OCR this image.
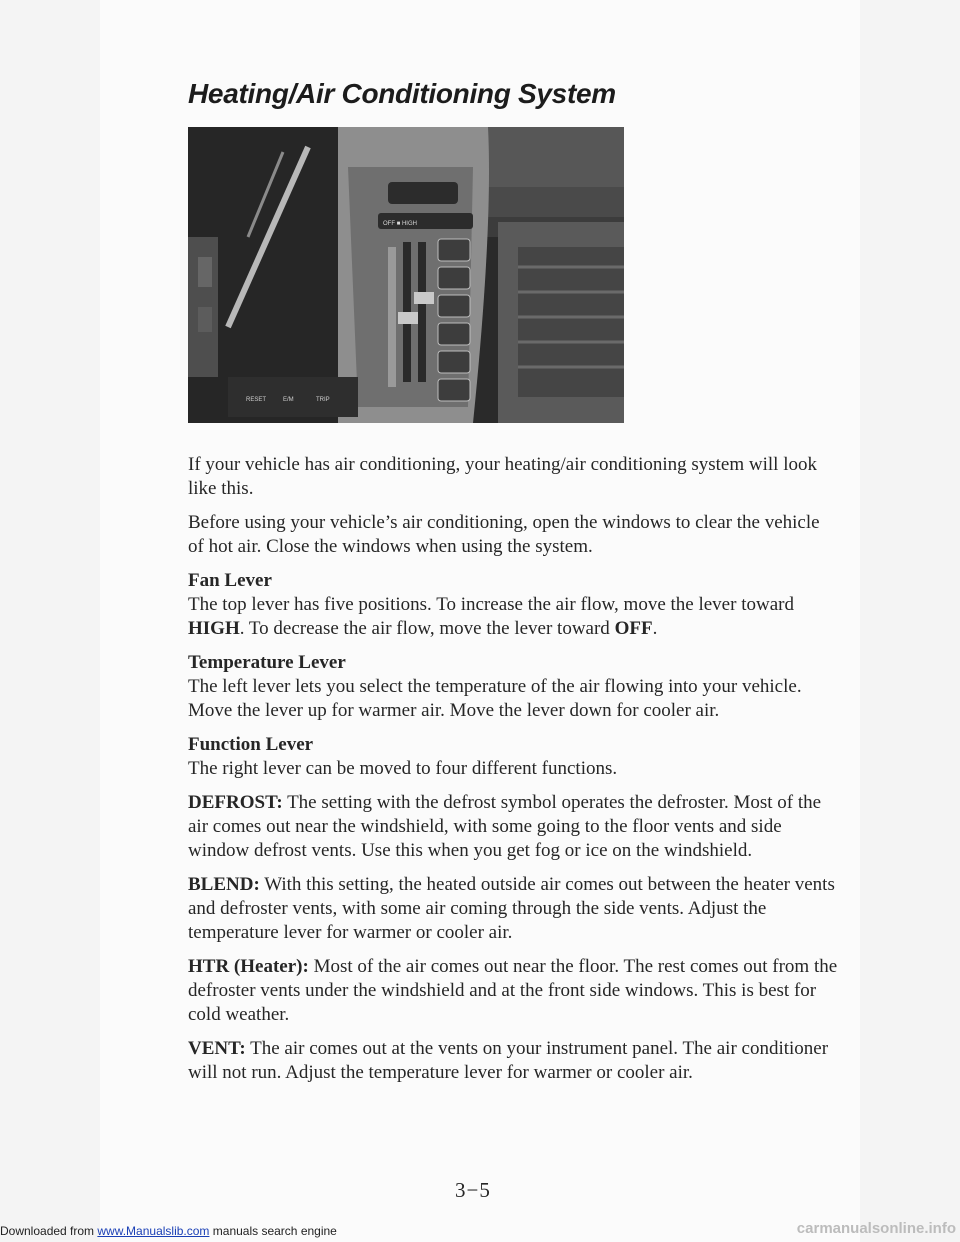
Heating/Air Conditioning System
OFF ■ HIGH
RESET	E/M	TRIP

If your vehicle has air conditioning, your heating/air conditioning system will look like this.

Before using your vehicle’s air conditioning, open the windows to clear the vehicle of hot air. Close the windows when using the system.

Fan Lever

The top lever has five positions. To increase the air flow, move the lever toward HIGH. To decrease the air flow, move the lever toward OFF.

Temperature Lever

The left lever lets you select the temperature of the air flowing into your vehicle. Move the lever up for warmer air. Move the lever down for cooler air.

Function Lever

The right lever can be moved to four different functions.

DEFROST: The setting with the defrost symbol operates the defroster. Most of the air comes out near the windshield, with some going to the floor vents and side window defrost vents. Use this when you get fog or ice on the windshield.

BLEND: With this setting, the heated outside air comes out between the heater vents and defroster vents, with some air coming through the side vents. Adjust the temperature lever for warmer or cooler air.

HTR (Heater): Most of the air comes out near the floor. The rest comes out from the defroster vents under the windshield and at the front side windows. This is best for cold weather.

VENT: The air comes out at the vents on your instrument panel. The air conditioner will not run. Adjust the temperature lever for warmer or cooler air.

3−5
Downloaded from www.Manualslib.com manuals search engine	carmanualsonline.info
